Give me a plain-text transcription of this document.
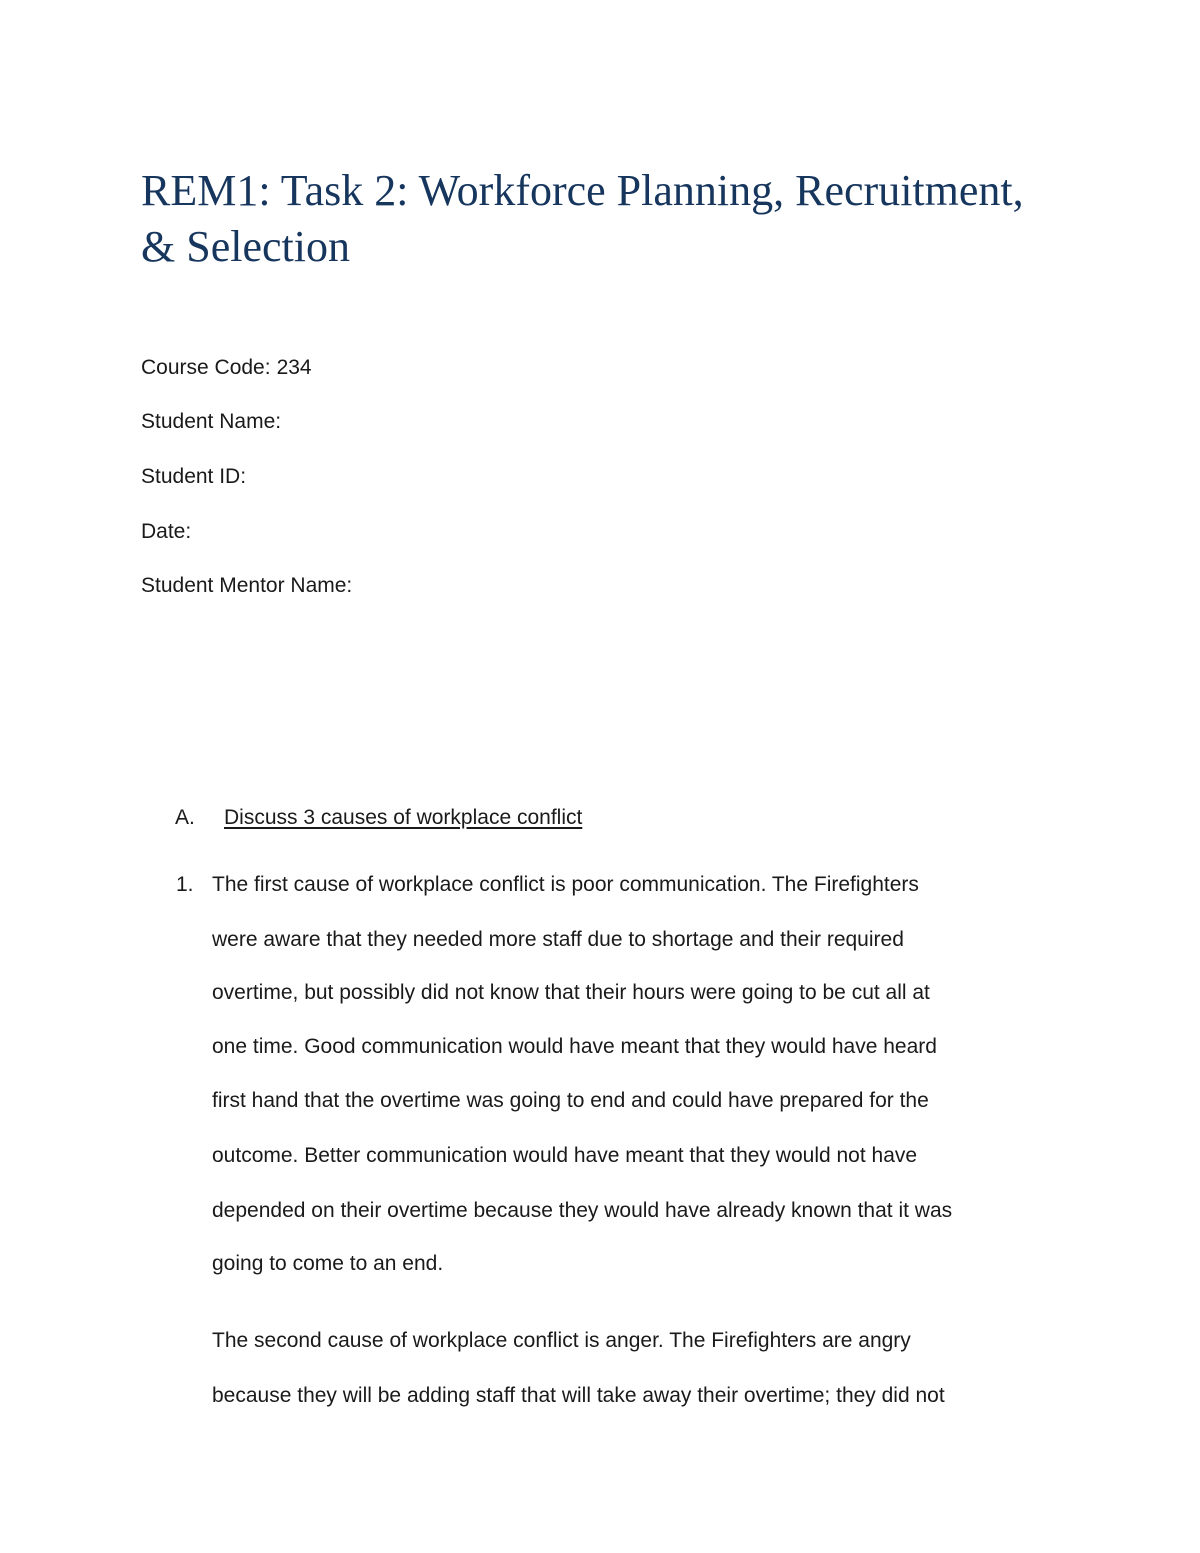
REM1: Task 2: Workforce Planning, Recruitment,
& Selection
Course Code: 234
Student Name:
Student ID:
Date:
Student Mentor Name:
A. Discuss 3 causes of workplace conflict
1. The first cause of workplace conflict is poor communication. The Firefighters
were aware that they needed more staff due to shortage and their required
overtime, but possibly did not know that their hours were going to be cut all at
one time. Good communication would have meant that they would have heard
first hand that the overtime was going to end and could have prepared for the
outcome. Better communication would have meant that they would not have
depended on their overtime because they would have already known that it was
going to come to an end.
The second cause of workplace conflict is anger. The Firefighters are angry
because they will be adding staff that will take away their overtime; they did not
